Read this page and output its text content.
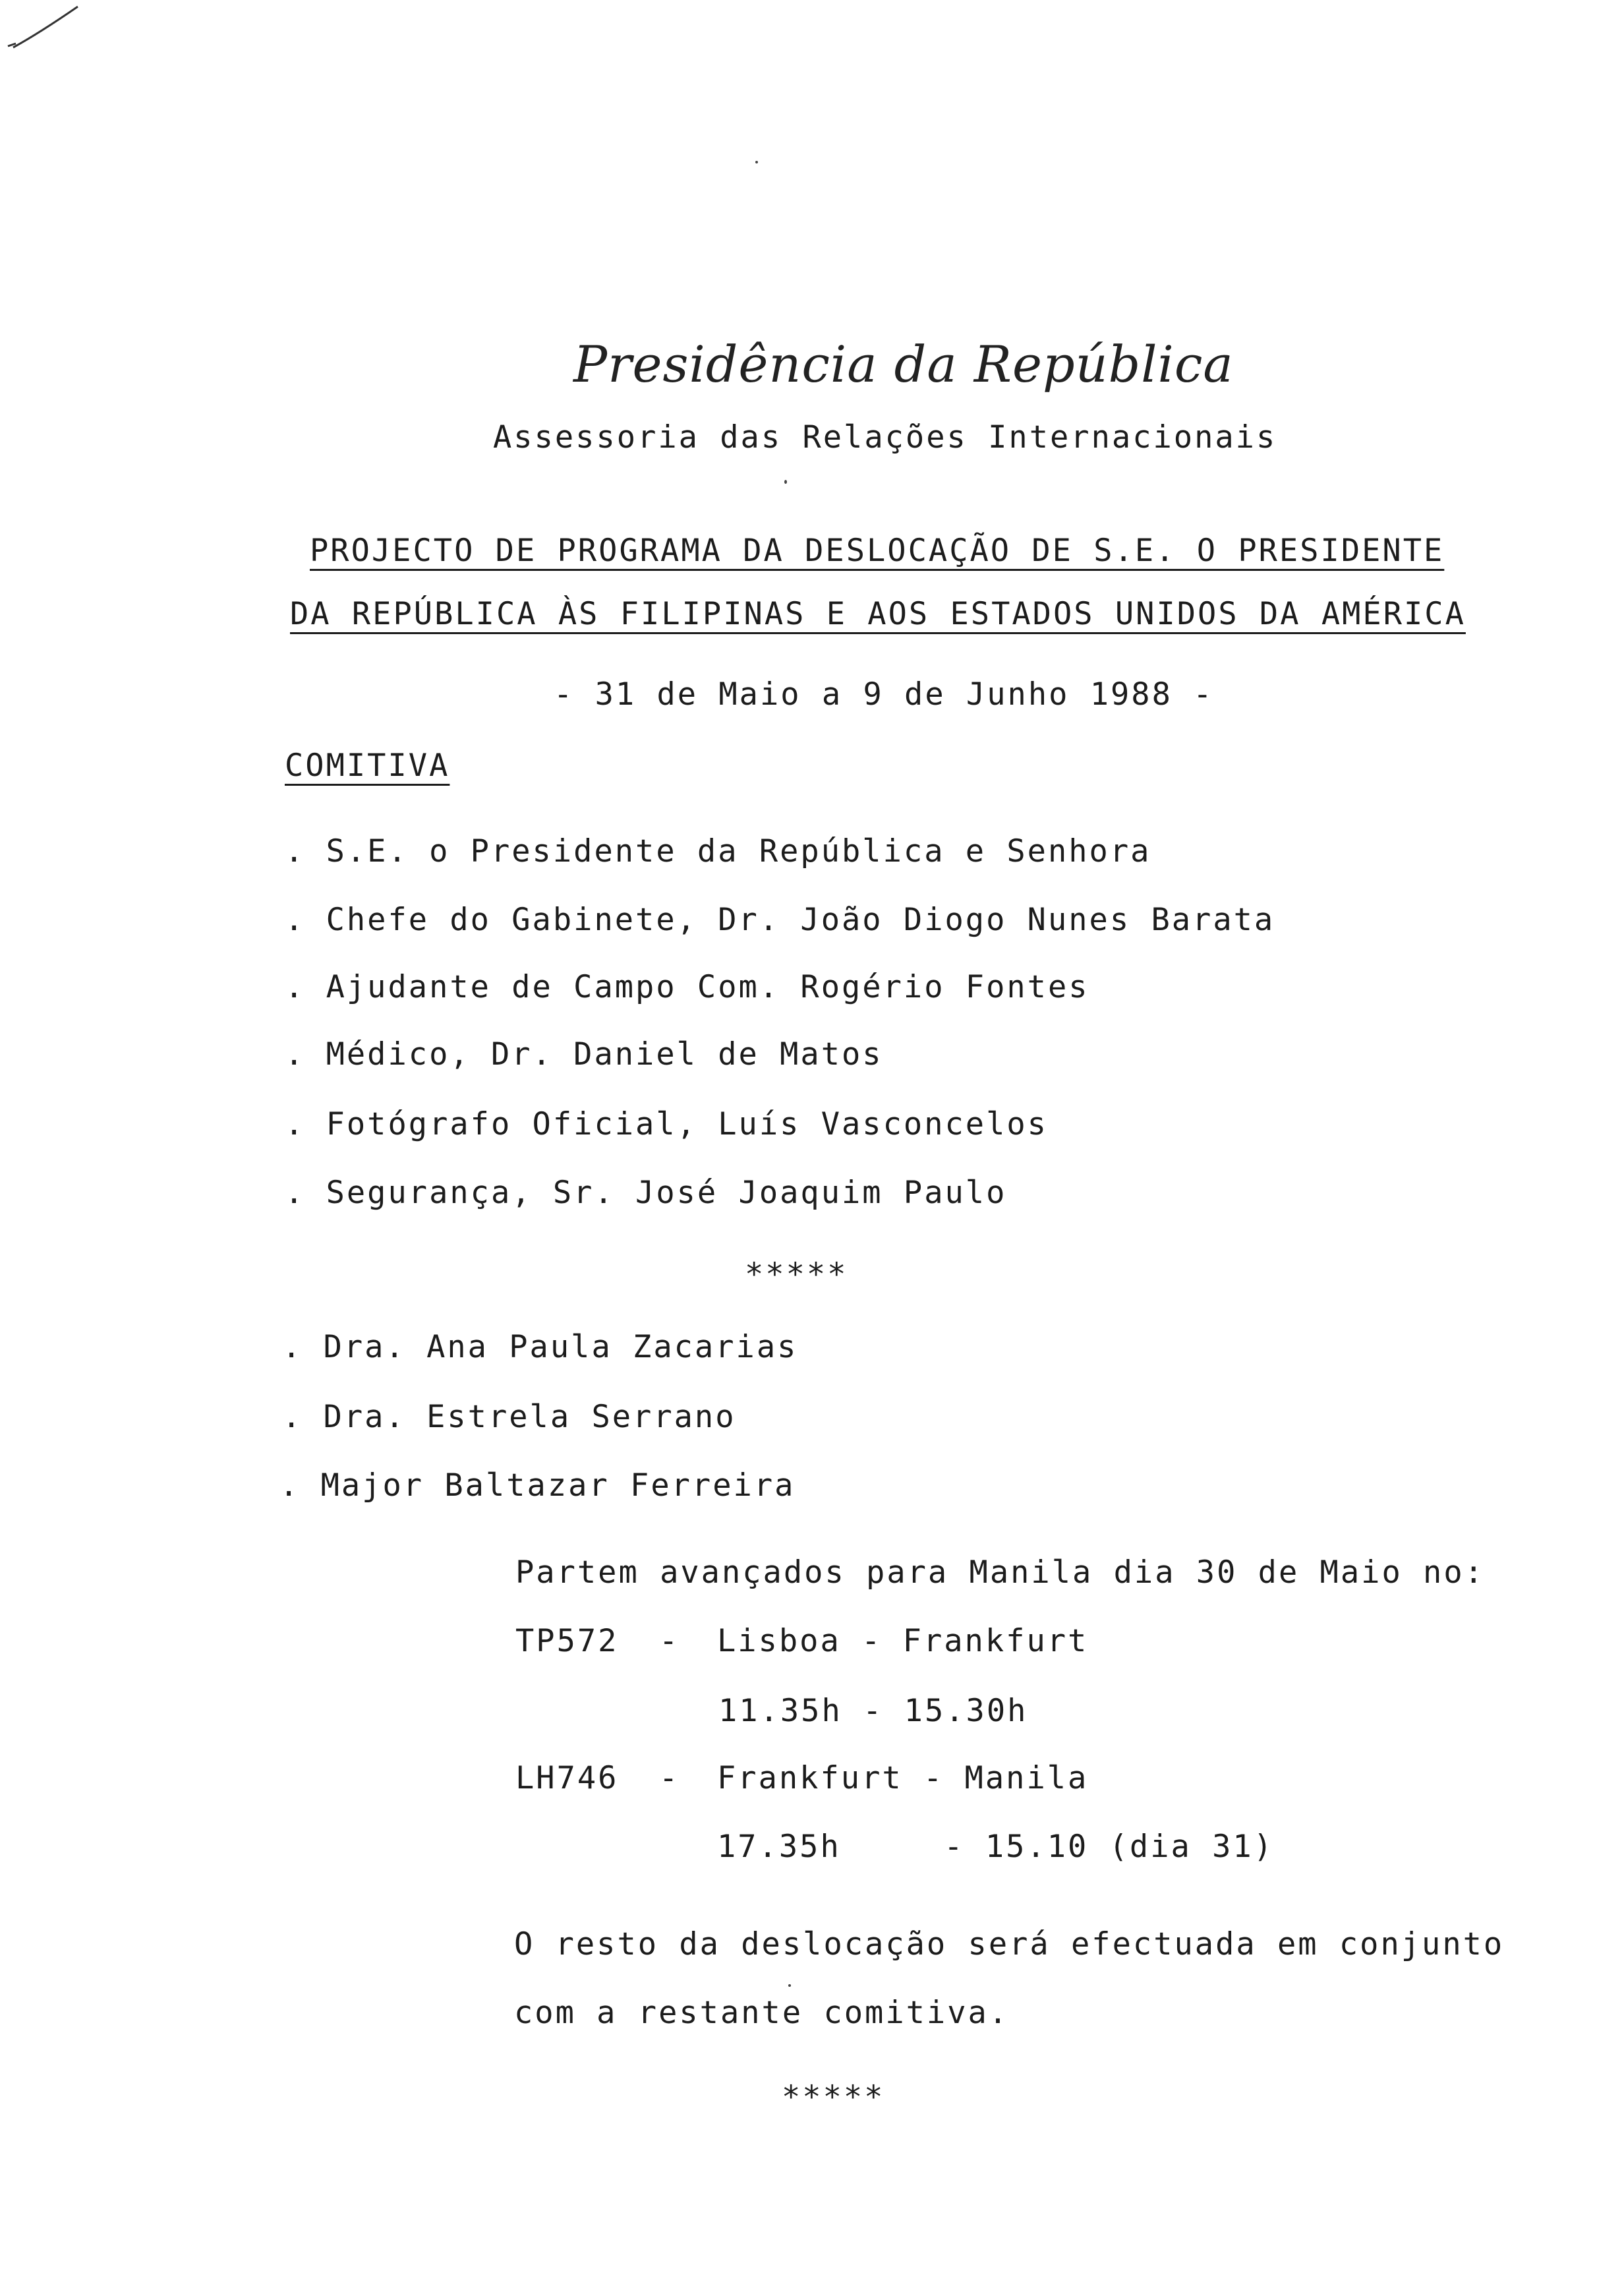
Presidência da República
Assessoria das Relações Internacionais
PROJECTO DE PROGRAMA DA DESLOCAÇÃO DE S.E. O PRESIDENTE
DA REPÚBLICA ÀS FILIPINAS E AOS ESTADOS UNIDOS DA AMÉRICA
- 31 de Maio a 9 de Junho 1988 -
COMITIVA
. S.E. o Presidente da República e Senhora
. Chefe do Gabinete, Dr. João Diogo Nunes Barata
. Ajudante de Campo Com. Rogério Fontes
. Médico, Dr. Daniel de Matos
. Fotógrafo Oficial, Luís Vasconcelos
. Segurança, Sr. José Joaquim Paulo
*****
. Dra. Ana Paula Zacarias
. Dra. Estrela Serrano
. Major Baltazar Ferreira
Partem avançados para Manila dia 30 de Maio no:
TP572 - Lisboa - Frankfurt
11.35h - 15.30h
LH746 - Frankfurt - Manila
17.35h     - 15.10 (dia 31)
O resto da deslocação será efectuada em conjunto
com a restante comitiva.
*****
